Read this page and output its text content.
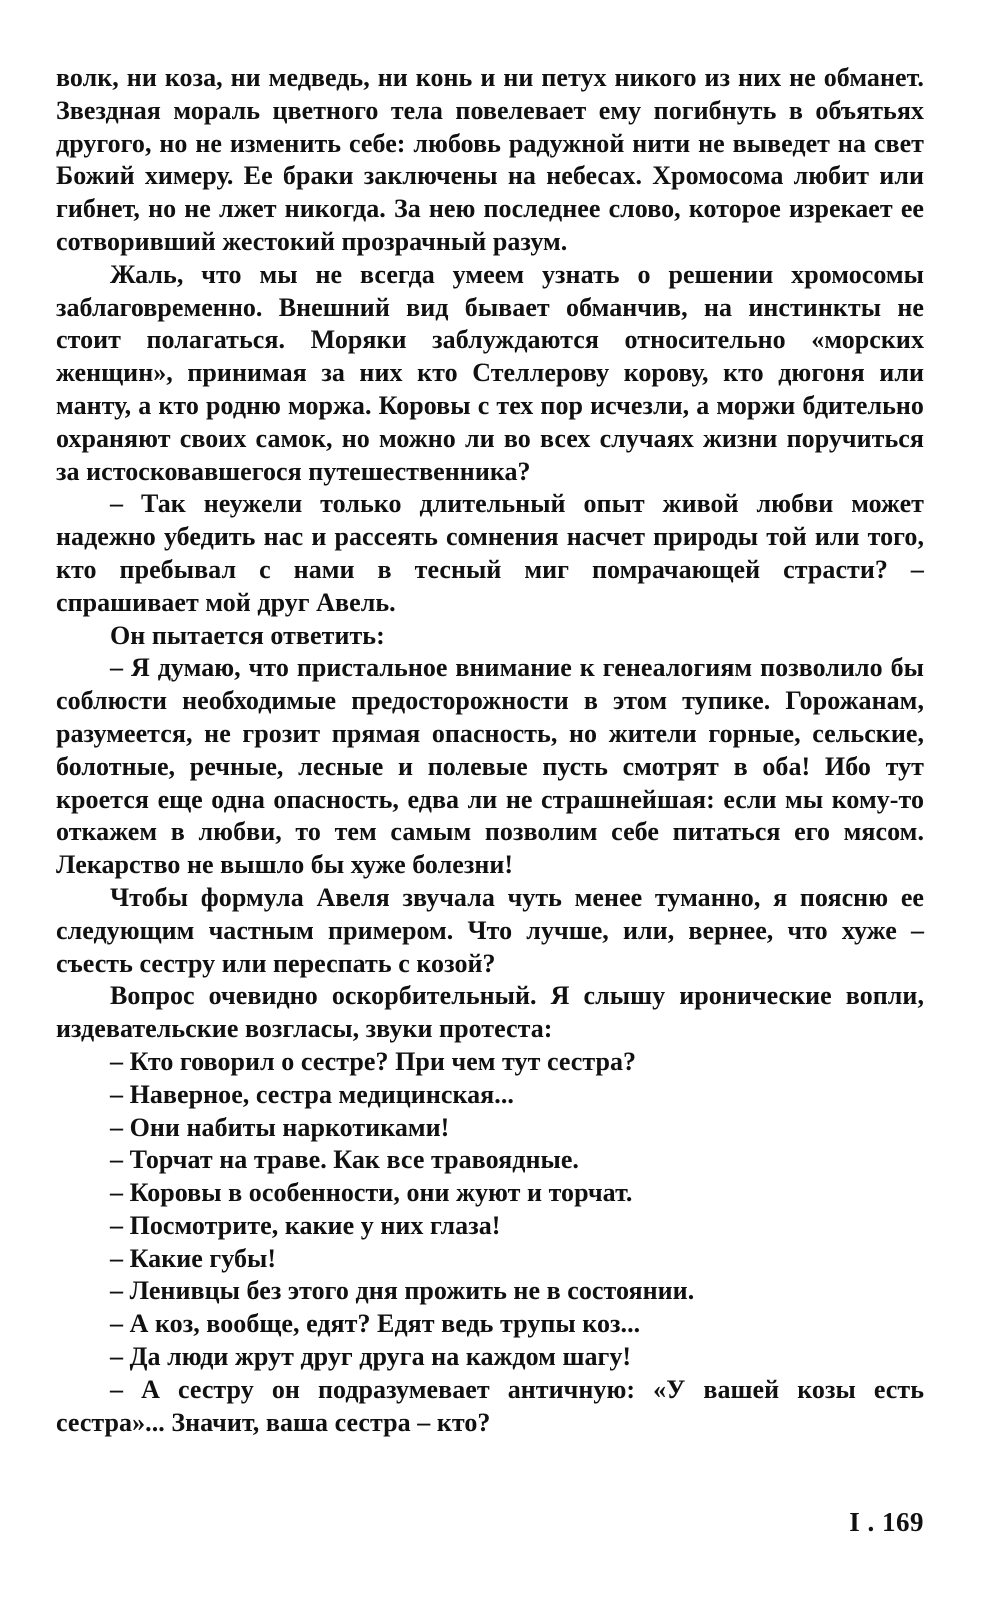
волк, ни коза, ни медведь, ни конь и ни петух никого из них не обманет. Звездная мораль цветного тела повелевает ему погибнуть в объятьях другого, но не изменить себе: любовь радужной нити не выведет на свет Божий химеру. Ее браки заключены на небесах. Хромосома любит или гибнет, но не лжет никогда. За нею последнее слово, которое изрекает ее сотворивший жестокий прозрачный разум.

Жаль, что мы не всегда умеем узнать о решении хромосомы заблаговременно. Внешний вид бывает обманчив, на инстинкты не стоит полагаться. Моряки заблуждаются относительно «морских женщин», принимая за них кто Стеллерову корову, кто дюгоня или манту, а кто родню моржа. Коровы с тех пор исчезли, а моржи бдительно охраняют своих самок, но можно ли во всех случаях жизни поручиться за истосковавшегося путешественника?

– Так неужели только длительный опыт живой любви может надежно убедить нас и рассеять сомнения насчет природы той или того, кто пребывал с нами в тесный миг помрачающей страсти? – спрашивает мой друг Авель.

Он пытается ответить:

– Я думаю, что пристальное внимание к генеалогиям позволило бы соблюсти необходимые предосторожности в этом тупике. Горожанам, разумеется, не грозит прямая опасность, но жители горные, сельские, болотные, речные, лесные и полевые пусть смотрят в оба! Ибо тут кроется еще одна опасность, едва ли не страшнейшая: если мы кому-то откажем в любви, то тем самым позволим себе питаться его мясом. Лекарство не вышло бы хуже болезни!

Чтобы формула Авеля звучала чуть менее туманно, я поясню ее следующим частным примером. Что лучше, или, вернее, что хуже – съесть сестру или переспать с козой?

Вопрос очевидно оскорбительный. Я слышу иронические вопли, издевательские возгласы, звуки протеста:

– Кто говорил о сестре? При чем тут сестра?

– Наверное, сестра медицинская...

– Они набиты наркотиками!

– Торчат на траве. Как все травоядные.

– Коровы в особенности, они жуют и торчат.

– Посмотрите, какие у них глаза!

– Какие губы!

– Ленивцы без этого дня прожить не в состоянии.

– А коз, вообще, едят? Едят ведь трупы коз...

– Да люди жрут друг друга на каждом шагу!

– А сестру он подразумевает античную: «У вашей козы есть сестра»... Значит, ваша сестра – кто?

I . 169
